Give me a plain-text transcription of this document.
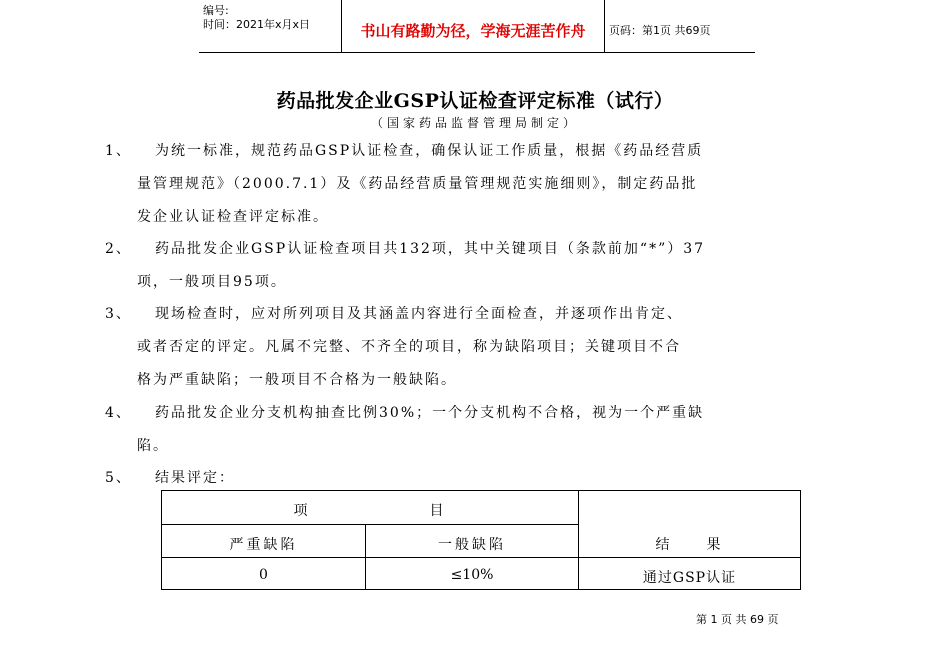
编号:
时间：2021年x月x日	书山有路勤为径，学海无涯苦作舟	页码：第1页 共69页
药品批发企业GSP认证检查评定标准（试行）
（国家药品监督管理局制定）
1、 为统一标准，规范药品GSP认证检查，确保认证工作质量，根据《药品经营质
量管理规范》（2000.7.1）及《药品经营质量管理规范实施细则》，制定药品批
发企业认证检查评定标准。
2、 药品批发企业GSP认证检查项目共132项，其中关键项目（条款前加“*”）37
项，一般项目95项。
3、 现场检查时，应对所列项目及其涵盖内容进行全面检查，并逐项作出肯定、
或者否定的评定。凡属不完整、不齐全的项目，称为缺陷项目；关键项目不合
格为严重缺陷；一般项目不合格为一般缺陷。
4、 药品批发企业分支机构抽查比例30%；一个分支机构不合格，视为一个严重缺
陷。
5、 结果评定：
项　　　　　　　目
严重缺陷	一般缺陷	结　　果
0	≤10%	通过GSP认证
第 1 页 共 69 页
